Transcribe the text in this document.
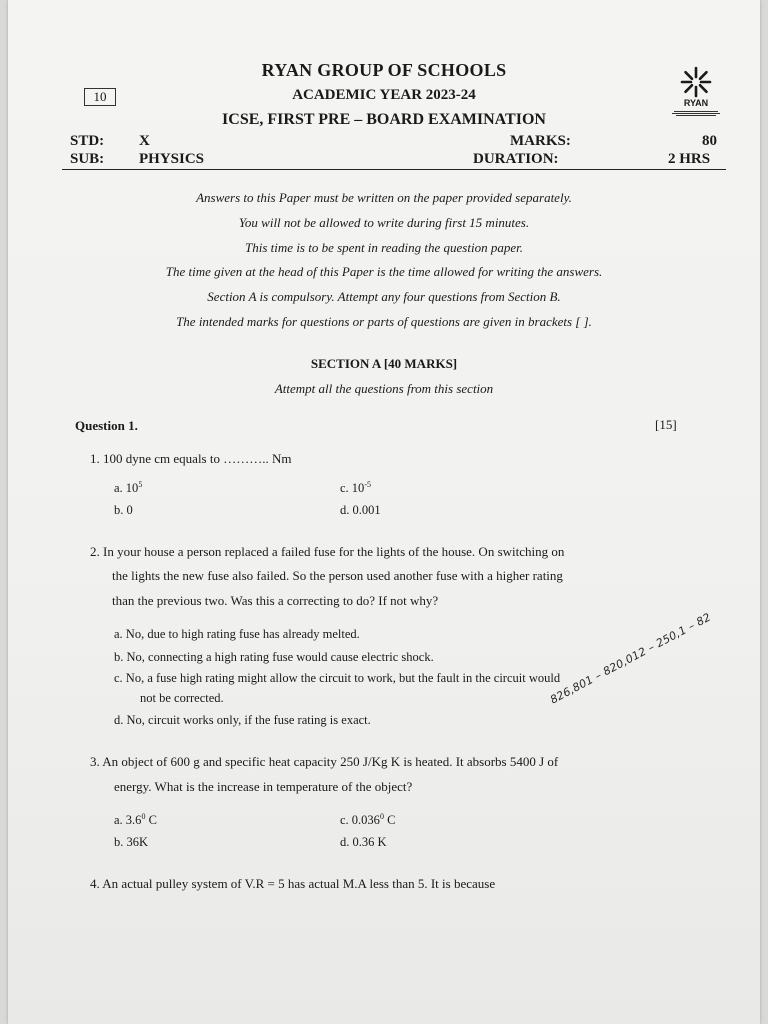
10
RYAN GROUP OF SCHOOLS
ACADEMIC YEAR 2023-24
ICSE, FIRST PRE – BOARD EXAMINATION
RYAN
STD: X	MARKS:	80
SUB: PHYSICS	DURATION:	2 HRS
Answers to this Paper must be written on the paper provided separately.
You will not be allowed to write during first 15 minutes.
This time is to be spent in reading the question paper.
The time given at the head of this Paper is the time allowed for writing the answers.
Section A is compulsory. Attempt any four questions from Section B.
The intended marks for questions or parts of questions are given in brackets [ ].
SECTION A [40 MARKS]
Attempt all the questions from this section
Question 1.	[15]
1. 100 dyne cm equals to ……….. Nm
a. $10^5$	c. $10^{-5}$
b. 0	d. 0.001
2. In your house a person replaced a failed fuse for the lights of the house. On switching on
the lights the new fuse also failed. So the person used another fuse with a higher rating
than the previous two. Was this a correcting to do? If not why?
a. No, due to high rating fuse has already melted.
b. No, connecting a high rating fuse would cause electric shock.
c. No, a fuse high rating might allow the circuit to work, but the fault in the circuit would
not be corrected.
d. No, circuit works only, if the fuse rating is exact.
826,801 – 820,012 – 250,1 – 82
3. An object of 600 g and specific heat capacity 250 J/Kg K is heated. It absorbs 5400 J of
energy. What is the increase in temperature of the object?
a. $3.6^0$ C	c. 0.036$^0$ C
b. 36K	d. 0.36 K
4. An actual pulley system of V.R = 5 has actual M.A less than 5. It is because
